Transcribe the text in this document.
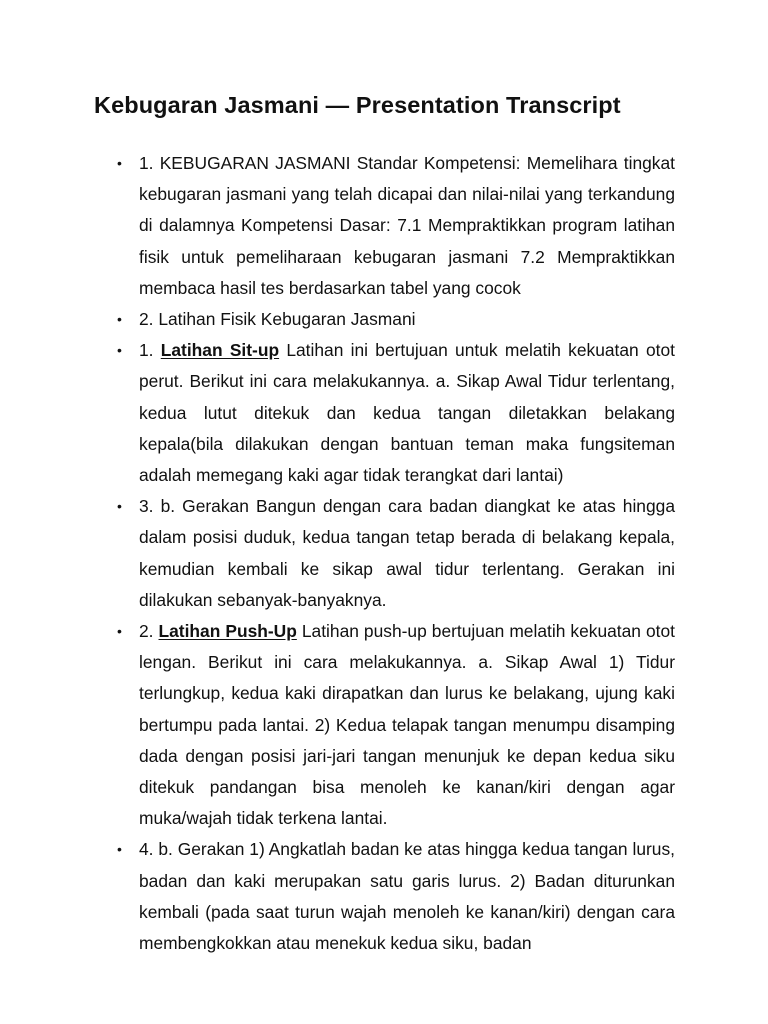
Kebugaran Jasmani — Presentation Transcript
• 1. KEBUGARAN JASMANI Standar Kompetensi: Memelihara tingkat kebugaran jasmani yang telah dicapai dan nilai-nilai yang terkandung di dalamnya Kompetensi Dasar: 7.1 Mempraktikkan program latihan fisik untuk pemeliharaan kebugaran jasmani 7.2 Mempraktikkan membaca hasil tes berdasarkan tabel yang cocok
• 2. Latihan Fisik Kebugaran Jasmani
• 1. Latihan Sit-up Latihan ini bertujuan untuk melatih kekuatan otot perut. Berikut ini cara melakukannya. a. Sikap Awal Tidur terlentang, kedua lutut ditekuk dan kedua tangan diletakkan belakang kepala(bila dilakukan dengan bantuan teman maka fungsiteman adalah memegang kaki agar tidak terangkat dari lantai)
• 3. b. Gerakan Bangun dengan cara badan diangkat ke atas hingga dalam posisi duduk, kedua tangan tetap berada di belakang kepala, kemudian kembali ke sikap awal tidur terlentang. Gerakan ini dilakukan sebanyak-banyaknya.
• 2. Latihan Push-Up Latihan push-up bertujuan melatih kekuatan otot lengan. Berikut ini cara melakukannya. a. Sikap Awal 1) Tidur terlungkup, kedua kaki dirapatkan dan lurus ke belakang, ujung kaki bertumpu pada lantai. 2) Kedua telapak tangan menumpu disamping dada dengan posisi jari-jari tangan menunjuk ke depan kedua siku ditekuk pandangan bisa menoleh ke kanan/kiri dengan agar muka/wajah tidak terkena lantai.
• 4. b. Gerakan 1) Angkatlah badan ke atas hingga kedua tangan lurus, badan dan kaki merupakan satu garis lurus. 2) Badan diturunkan kembali (pada saat turun wajah menoleh ke kanan/kiri) dengan cara membengkokkan atau menekuk kedua siku, badan
